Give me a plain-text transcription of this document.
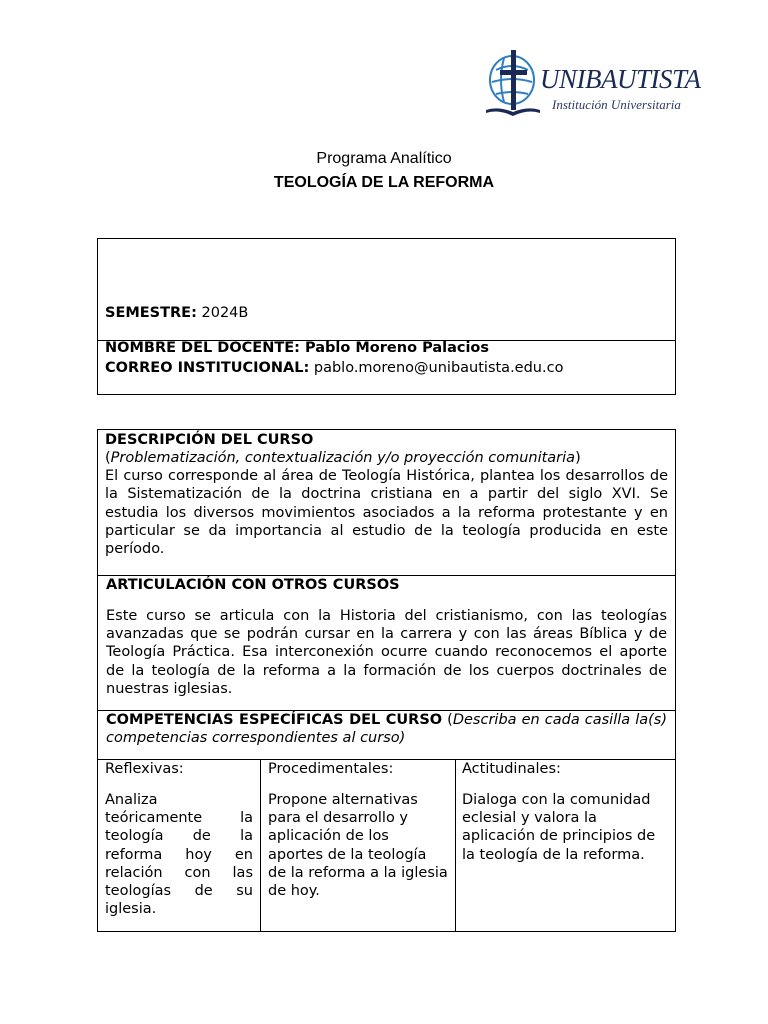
UNIBAUTISTA
Institución Universitaria
Programa Analítico
TEOLOGÍA DE LA REFORMA
SEMESTRE: 2024B
NOMBRE DEL DOCENTE: Pablo Moreno Palacios
CORREO INSTITUCIONAL: pablo.moreno@unibautista.edu.co

DESCRIPCIÓN DEL CURSO

(Problematización, contextualización y/o proyección comunitaria)

El curso corresponde al área de Teología Histórica, plantea los desarrollos de la Sistematización de la doctrina cristiana en a partir del siglo XVI. Se estudia los diversos movimientos asociados a la reforma protestante y en particular se da importancia al estudio de la teología producida en este período.

ARTICULACIÓN CON OTROS CURSOS

Este curso se articula con la Historia del cristianismo, con las teologías avanzadas que se podrán cursar en la carrera y con las áreas Bíblica y de Teología Práctica. Esa interconexión ocurre cuando reconocemos el aporte de la teología de la reforma a la formación de los cuerpos doctrinales de nuestras iglesias.

COMPETENCIAS ESPECÍFICAS DEL CURSO (Describa en cada casilla la(s) competencias correspondientes al curso)

Reflexivas:

Analiza teóricamente la teología de la reforma hoy en relación con las teologías de su iglesia.

Procedimentales:

Propone alternativas para el desarrollo y aplicación de los aportes de la teología de la reforma a la iglesia de hoy.

Actitudinales:

Dialoga con la comunidad eclesial y valora la aplicación de principios de la teología de la reforma.
